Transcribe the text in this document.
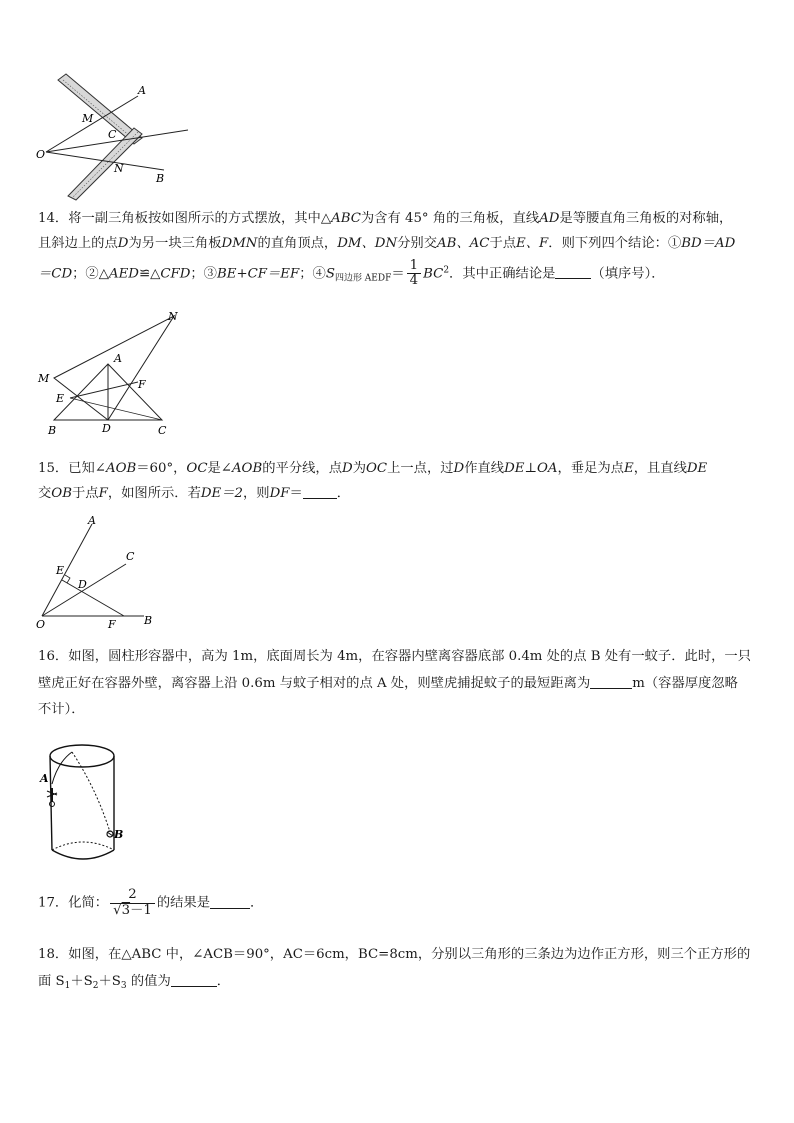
A
M
C
O
N
B
14．将一副三角板按如图所示的方式摆放，其中△ABC为含有 45° 角的三角板，直线AD是等腰直角三角板的对称轴，
且斜边上的点D为另一块三角板DMN的直角顶点，DM、DN分别交AB、AC于点E、F．则下列四个结论：①BD＝AD
＝CD；②△AED≌△CFD；③BE+CF＝EF；$④S_{四边形 AEDF}= \frac{1}{4} BC^2$．其中正确结论是	（填序号）．
N
A
M	F
E
B	D	C
15．已知∠AOB＝60°，OC是∠AOB的平分线，点D为OC上一点，过D作直线DE⊥OA，垂足为点E，且直线DE
交OB于点F，如图所示．若DE＝2，则DF＝	．
A
C
E
D
O	F	B
16．如图，圆柱形容器中，高为 1m，底面周长为 4m，在容器内壁离容器底部 0.4m 处的点 B 处有一蚊子．此时，一只
壁虎正好在容器外壁，离容器上沿 0.6m 与蚊子相对的点 A 处，则壁虎捕捉蚊子的最短距离为	m（容器厚度忽略
不计）．
A
B
17．化简： $\frac{2}{√3-1}$ 的结果是	．
18．如图，在△ABC 中，∠ACB＝90°，AC＝6cm，BC=8cm，分别以三角形的三条边为边作正方形，则三个正方形的
面 $S_1+S_2+S_3$ 的值为	．
